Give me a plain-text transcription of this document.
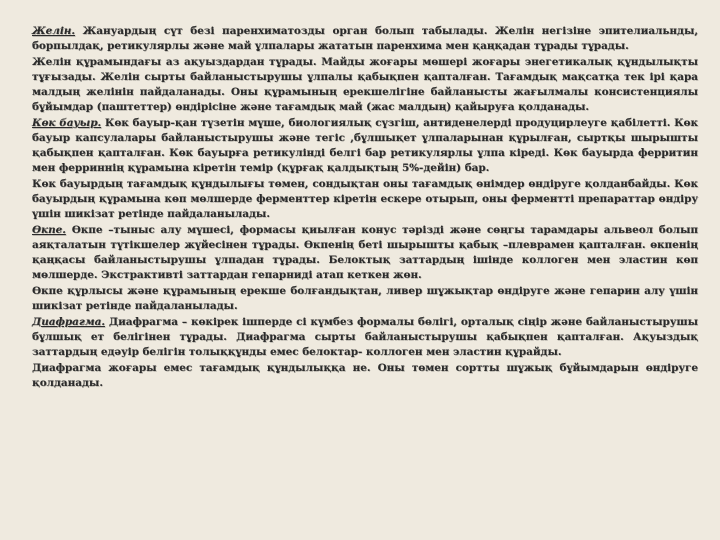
Желін. Жануардың сүт безі паренхиматозды орган болып табылады. Желін негізіне эпителиальнды, борпылдақ, ретикулярлы және май ұлпалары жататын паренхима мен қаңқадан тұрады тұрады.

Желін құрамындағы аз ақуыздардан тұрады. Майды жоғары мөшері жоғары энегетикалық құндылықты тұғызады. Желін сырты байланыстырушы ұлпалы қабықпен қапталған. Тағамдық мақсатқа тек ірі қара малдың желінін пайдаланады. Оны құрамының ерекшелігіне байланысты жағылмалы консистенциялы бұйымдар (паштеттер) өндірісіне және тағамдық май (жас малдың) қайыруға қолданады.

Көк бауыр. Көк бауыр-қан түзетін мүше, биологиялық сүзгіш, антиденелерді продуцирлеуге қабілетті. Көк бауыр капсулалары байланыстырушы және тегіс ,бұлшықет ұлпаларынан құрылған, сыртқы шырышты қабықпен қапталған. Көк бауырға ретикулінді белгі бар ретикулярлы ұлпа кіреді. Көк бауырда ферритин мен ферриннің құрамына кіретін темір (құрғақ қалдықтың 5%-дейін) бар.

Көк бауырдың тағамдық құндылығы төмен, сондықтан оны тағамдық өнімдер өндіруге қолданбайды. Көк бауырдың құрамына көп мөлшерде ферменттер кіретін ескере отырып, оны ферментті препараттар өндіру үшін шикізат ретінде пайдаланылады.

Өкпе. Өкпе –тыныс алу мүшесі, формасы қиылған конус тәрізді және сөңгы тарамдары альвеол болып аяқталатын түтікшелер жүйесінен тұрады. Өкпенің беті шырышты қабық –плеврамен қапталған. өкпенің қаңқасы байланыстырушы ұлпадан тұрады. Белоктық заттардың ішінде коллоген мен эластин көп мөлшерде. Экстрактивті заттардан гепарниді атап кеткен жөн.

Өкпе құрлысы және құрамының ерекше болғандықтан, ливер шұжықтар өндіруге және гепарин алу үшін шикізат ретінде пайдаланылады.

Диафрагма. Диафрагма – көкірек ішперде сі күмбез формалы бөлігі, орталық сіңір және байланыстырушы бұлшық ет белігінен тұрады. Диафрагма сырты байланыстырушы қабықпен қапталған. Ақуыздық заттардың едәуір белігін толыққұнды емес белоктар- коллоген мен эластин құрайды.

Диафрагма жоғары емес тағамдық құндылыққа не. Оны төмен сортты шұжық бұйымдарын өндіруге қолданады.
